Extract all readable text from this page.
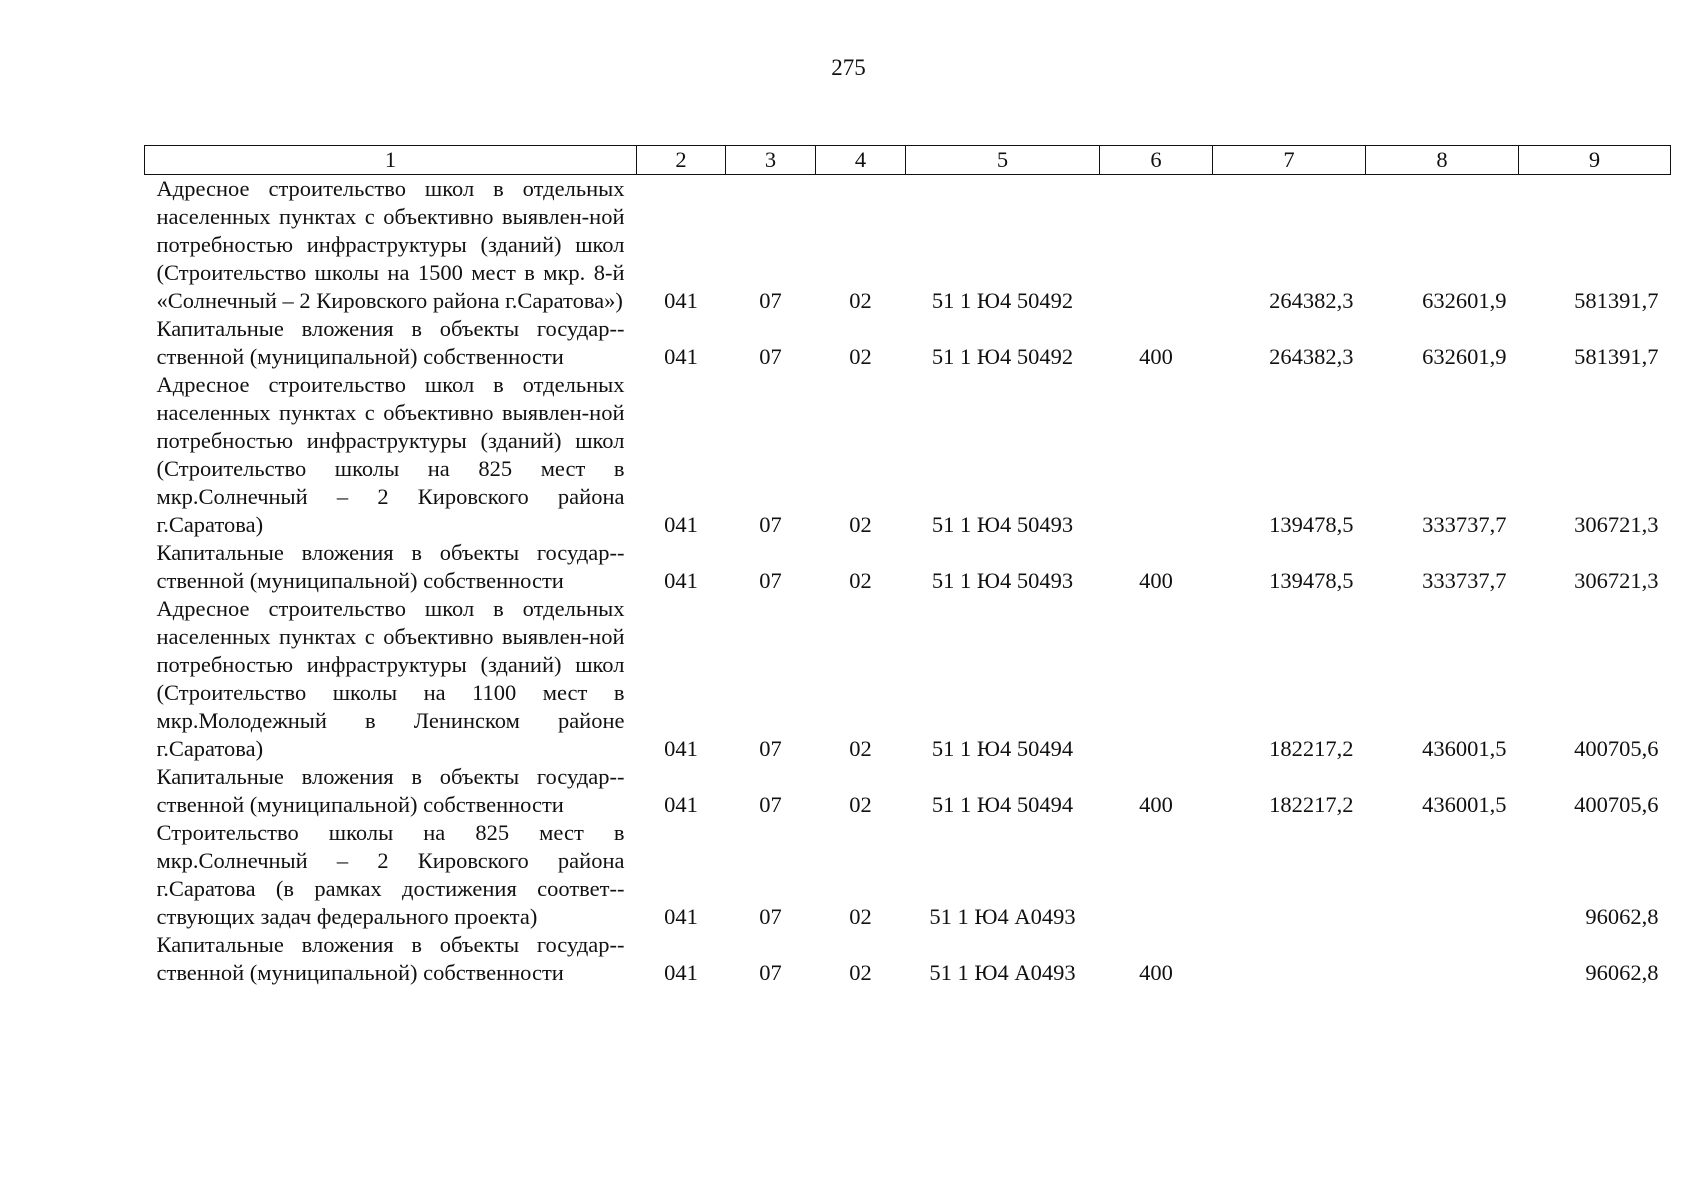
275
1	2	3	4	5	6	7	8	9
Адресное строительство школ в отдельных населенных пунктах с объективно выявлен-ной потребностью инфраструктуры (зданий) школ (Строительство школы на 1500 мест в мкр. 8-й «Солнечный – 2 Кировского района г.Саратова»)	041	07	02	51 1 Ю4 50492		264382,3	632601,9	581391,7
Капитальные вложения в объекты государ-ственной (муниципальной) собственности	041	07	02	51 1 Ю4 50492	400	264382,3	632601,9	581391,7
Адресное строительство школ в отдельных населенных пунктах с объективно выявлен-ной потребностью инфраструктуры (зданий) школ (Строительство школы на 825 мест в мкр.Солнечный – 2 Кировского района г.Саратова)	041	07	02	51 1 Ю4 50493		139478,5	333737,7	306721,3
Капитальные вложения в объекты государ-ственной (муниципальной) собственности	041	07	02	51 1 Ю4 50493	400	139478,5	333737,7	306721,3
Адресное строительство школ в отдельных населенных пунктах с объективно выявлен-ной потребностью инфраструктуры (зданий) школ (Строительство школы на 1100 мест в мкр.Молодежный в Ленинском районе г.Саратова)	041	07	02	51 1 Ю4 50494		182217,2	436001,5	400705,6
Капитальные вложения в объекты государ-ственной (муниципальной) собственности	041	07	02	51 1 Ю4 50494	400	182217,2	436001,5	400705,6
Строительство школы на 825 мест в мкр.Солнечный – 2 Кировского района г.Саратова (в рамках достижения соответ-ствующих задач федерального проекта)	041	07	02	51 1 Ю4 А0493				96062,8
Капитальные вложения в объекты государ-ственной (муниципальной) собственности	041	07	02	51 1 Ю4 А0493	400			96062,8
